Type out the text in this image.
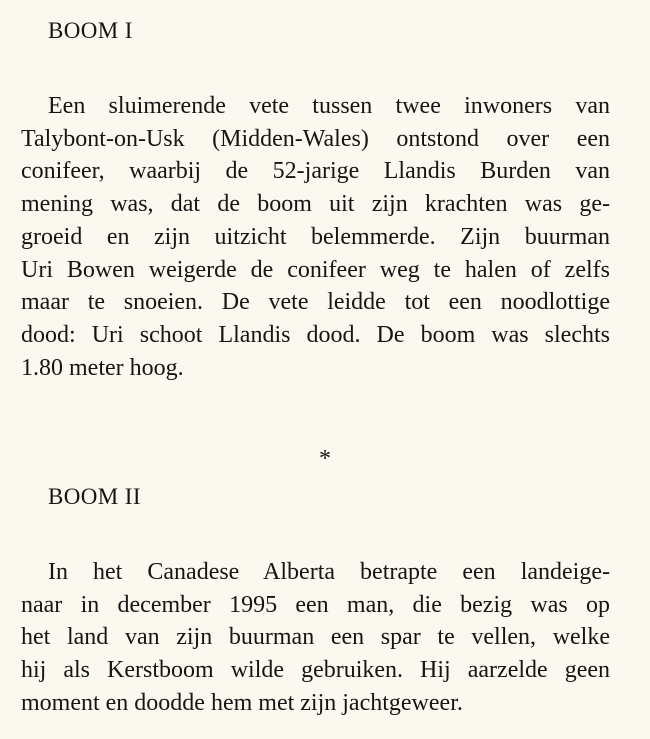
BOOM I

Een sluimerende vete tussen twee inwoners van
Talybont-on-Usk (Midden-Wales) ontstond over een
conifeer, waarbij de 52-jarige Llandis Burden van
mening was, dat de boom uit zijn krachten was ge-
groeid en zijn uitzicht belemmerde. Zijn buurman
Uri Bowen weigerde de conifeer weg te halen of zelfs
maar te snoeien. De vete leidde tot een noodlottige
dood: Uri schoot Llandis dood. De boom was slechts
1.80 meter hoog.

*
BOOM II

In het Canadese Alberta betrapte een landeige-
naar in december 1995 een man, die bezig was op
het land van zijn buurman een spar te vellen, welke
hij als Kerstboom wilde gebruiken. Hij aarzelde geen
moment en doodde hem met zijn jachtgeweer.
